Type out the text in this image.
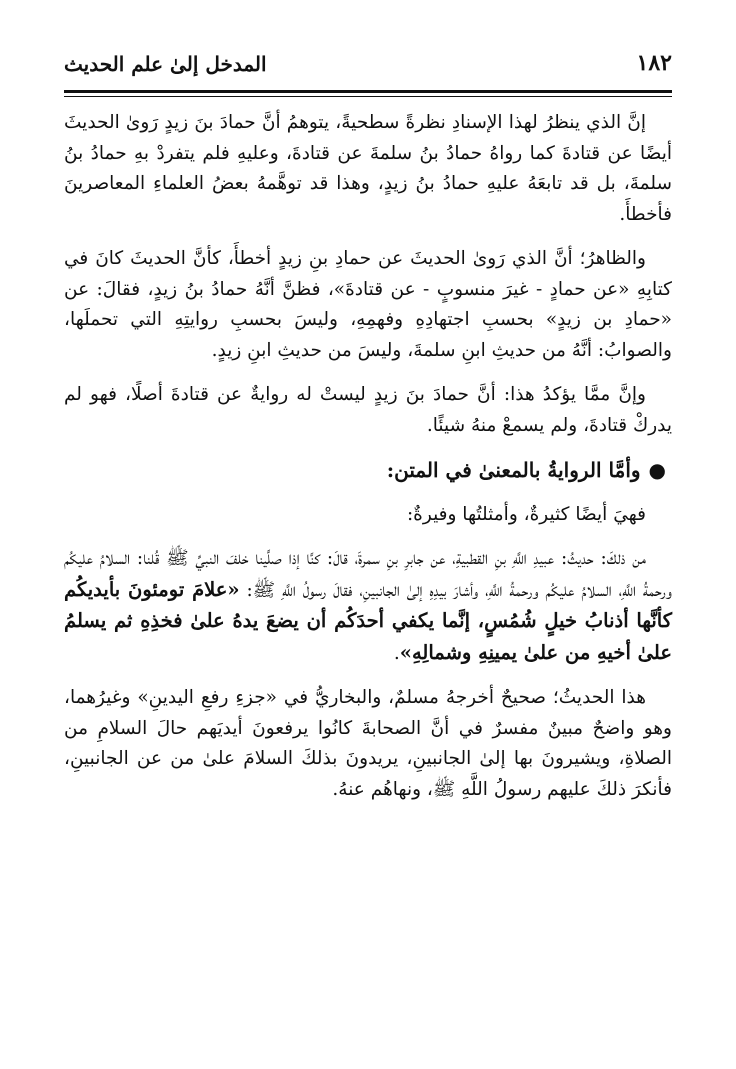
١٨٢
المدخل إلىٰ علم الحديث

إنَّ الذي ينظرُ لهذا الإسنادِ نظرةً سطحيةً، يتوهمُ أنَّ حمادَ بنَ زيدٍ رَوىٰ الحديثَ أيضًا عن قتادةَ كما رواهُ حمادُ بنُ سلمةَ عن قتادةَ، وعليهِ فلم يتفردْ بهِ حمادُ بنُ سلمةَ، بل قد تابعَهُ عليهِ حمادُ بنُ زيدٍ، وهذا قد توهَّمهُ بعضُ العلماءِ المعاصرينَ فأخطأَ.

والظاهرُ؛ أنَّ الذي رَوىٰ الحديثَ عن حمادِ بنِ زيدٍ أخطأَ، كأنَّ الحديثَ كانَ في كتابِهِ «عن حمادٍ - غيرَ منسوبٍ - عن قتادةَ»، فظنَّ أنَّهُ حمادُ بنُ زيدٍ، فقالَ: عن «حمادِ بن زيدٍ» بحسبِ اجتهادِهِ وفهمِهِ، وليسَ بحسبِ روايتِهِ التي تحملَها، والصوابُ: أنَّهُ من حديثِ ابنِ سلمةَ، وليسَ من حديثِ ابنِ زيدٍ.

وإنَّ ممَّا يؤكدُ هذا: أنَّ حمادَ بنَ زيدٍ ليستْ له روايةٌ عن قتادةَ أصلًا، فهو لم يدركْ قتادةَ، ولم يسمعْ منهُ شيئًا.

●وأمَّا الروايةُ بالمعنىٰ في المتن:

فهيَ أيضًا كثيرةٌ، وأمثلتُها وفيرةٌ:

من ذلكَ: حديثُ: عبيدِ اللَّهِ بنِ القطبيةِ، عن جابرِ بنِ سمرةَ، قالَ: كنَّا إذا صلَّينا خلفَ النبيِّ ﷺ قُلنا: السلامُ عليكُم ورحمةُ اللَّهِ، السلامُ عليكُم ورحمةُ اللَّهِ، وأشارَ بيدِهِ إلىٰ الجانبينِ، فقالَ رسولُ اللَّهِ ﷺ: «علامَ تومئونَ بأيديكُم كأنَّها أذنابُ خيلٍ شُمُسٍ، إنَّما يكفي أحدَكُم أن يضعَ يدهُ علىٰ فخذِهِ ثم يسلمُ علىٰ أخيهِ من علىٰ يمينِهِ وشمالِهِ».

هذا الحديثُ؛ صحيحٌ أخرجهُ مسلمٌ، والبخاريُّ في «جزءِ رفعِ اليدينِ» وغيرُهما، وهو واضحٌ مبينٌ مفسرٌ في أنَّ الصحابةَ كانُوا يرفعونَ أيديَهم حالَ السلامِ من الصلاةِ، ويشيرونَ بها إلىٰ الجانبينِ، يريدونَ بذلكَ السلامَ علىٰ من عن الجانبينِ، فأنكرَ ذلكَ عليهم رسولُ اللَّهِ ﷺ، ونهاهُم عنهُ.
